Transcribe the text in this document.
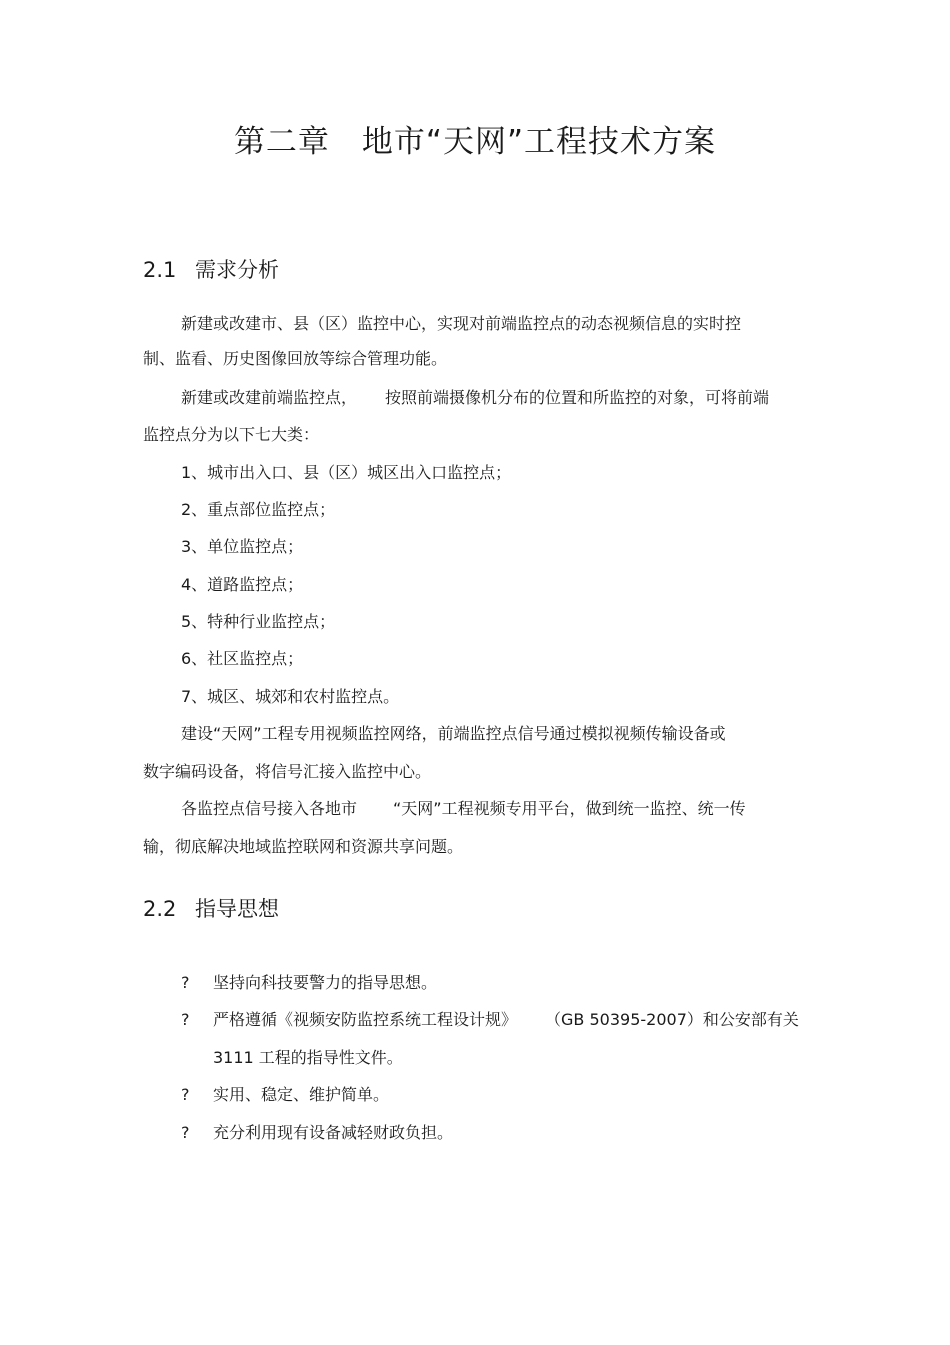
第二章　地市“天网”工程技术方案
2.1 需求分析
新建或改建市、县（区）监控中心，实现对前端监控点的动态视频信息的实时控
制、监看、历史图像回放等综合管理功能。
新建或改建前端监控点， 按照前端摄像机分布的位置和所监控的对象，可将前端
监控点分为以下七大类：
1、城市出入口、县（区）城区出入口监控点；
2、重点部位监控点；
3、单位监控点；
4、道路监控点；
5、特种行业监控点；
6、社区监控点；
7、城区、城郊和农村监控点。
建设“天网”工程专用视频监控网络，前端监控点信号通过模拟视频传输设备或
数字编码设备，将信号汇接入监控中心。
各监控点信号接入各地市 “天网”工程视频专用平台，做到统一监控、统一传
输，彻底解决地域监控联网和资源共享问题。
2.2 指导思想
? 坚持向科技要警力的指导思想。
? 严格遵循《视频安防监控系统工程设计规》 （GB 50395-2007）和公安部有关
3111 工程的指导性文件。
? 实用、稳定、维护简单。
? 充分利用现有设备减轻财政负担。
